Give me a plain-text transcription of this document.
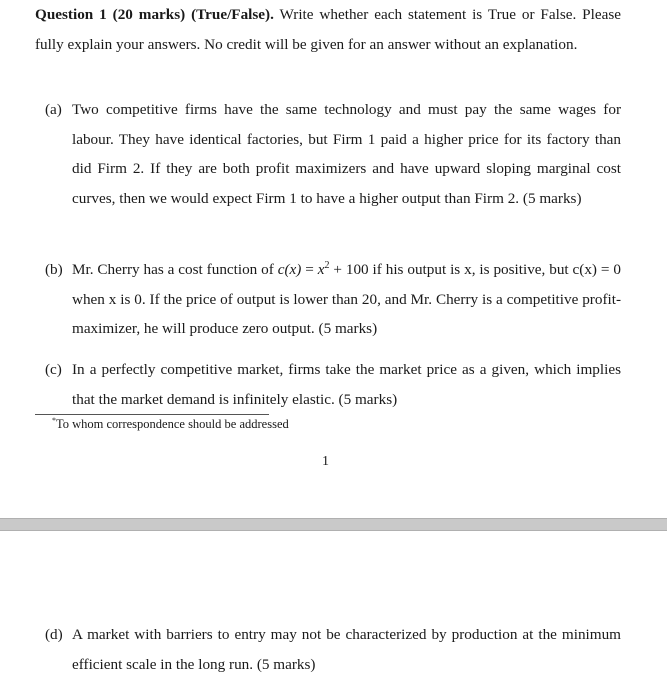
Question 1 (20 marks) (True/False). Write whether each statement is True or False. Please fully explain your answers. No credit will be given for an answer without an explanation.
(a) Two competitive firms have the same technology and must pay the same wages for labour. They have identical factories, but Firm 1 paid a higher price for its factory than did Firm 2. If they are both profit maximizers and have upward sloping marginal cost curves, then we would expect Firm 1 to have a higher output than Firm 2. (5 marks)
(b) Mr. Cherry has a cost function of $c(x) = x^2 + 100$ if his output is x, is positive, but c(x) = 0 when x is 0. If the price of output is lower than 20, and Mr. Cherry is a competitive profit-maximizer, he will produce zero output. (5 marks)
(c) In a perfectly competitive market, firms take the market price as a given, which implies that the market demand is infinitely elastic. (5 marks)
*To whom correspondence should be addressed
1
(d) A market with barriers to entry may not be characterized by production at the minimum efficient scale in the long run. (5 marks)
